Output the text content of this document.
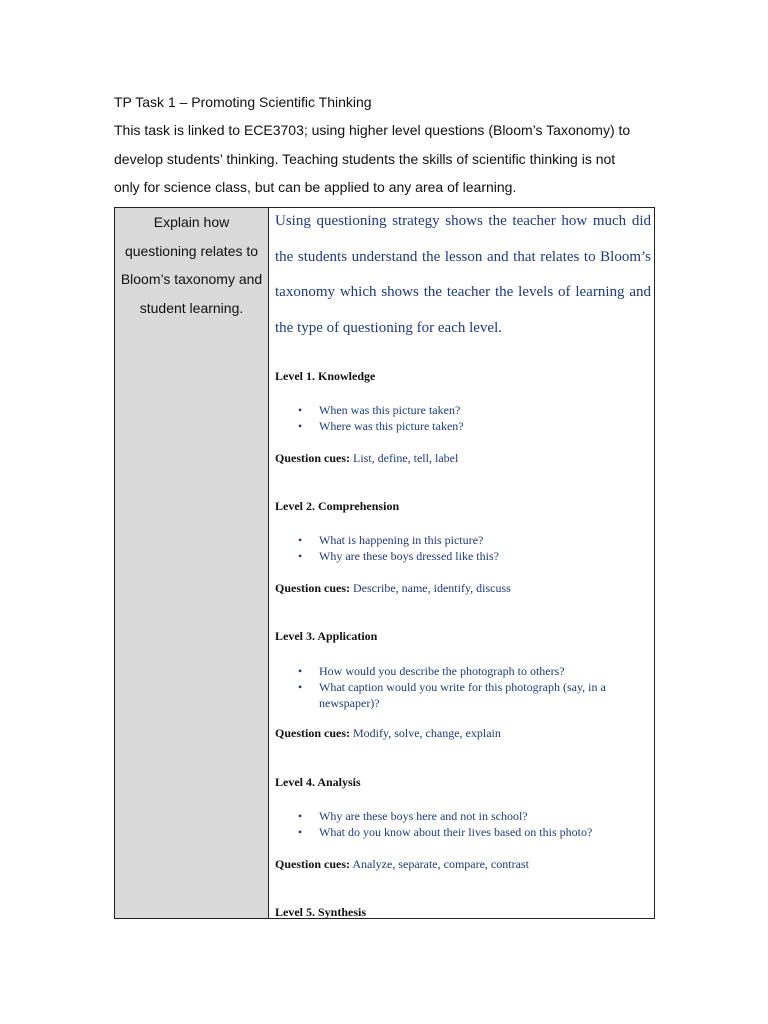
TP Task 1 – Promoting Scientific Thinking
This task is linked to ECE3703; using higher level questions (Bloom’s Taxonomy) to
develop students’ thinking. Teaching students the skills of scientific thinking is not
only for science class, but can be applied to any area of learning.
Explain how questioning relates to Bloom’s taxonomy and student learning.
Using questioning strategy shows the teacher how much did the students understand the lesson and that relates to Bloom’s taxonomy which shows the teacher the levels of learning and the type of questioning for each level.
Level 1. Knowledge
• When was this picture taken?
• Where was this picture taken?
Question cues: List, define, tell, label
Level 2. Comprehension
• What is happening in this picture?
• Why are these boys dressed like this?
Question cues: Describe, name, identify, discuss
Level 3. Application
• How would you describe the photograph to others?
• What caption would you write for this photograph (say, in a newspaper)?
Question cues: Modify, solve, change, explain
Level 4. Analysis
• Why are these boys here and not in school?
• What do you know about their lives based on this photo?
Question cues: Analyze, separate, compare, contrast
Level 5. Synthesis
